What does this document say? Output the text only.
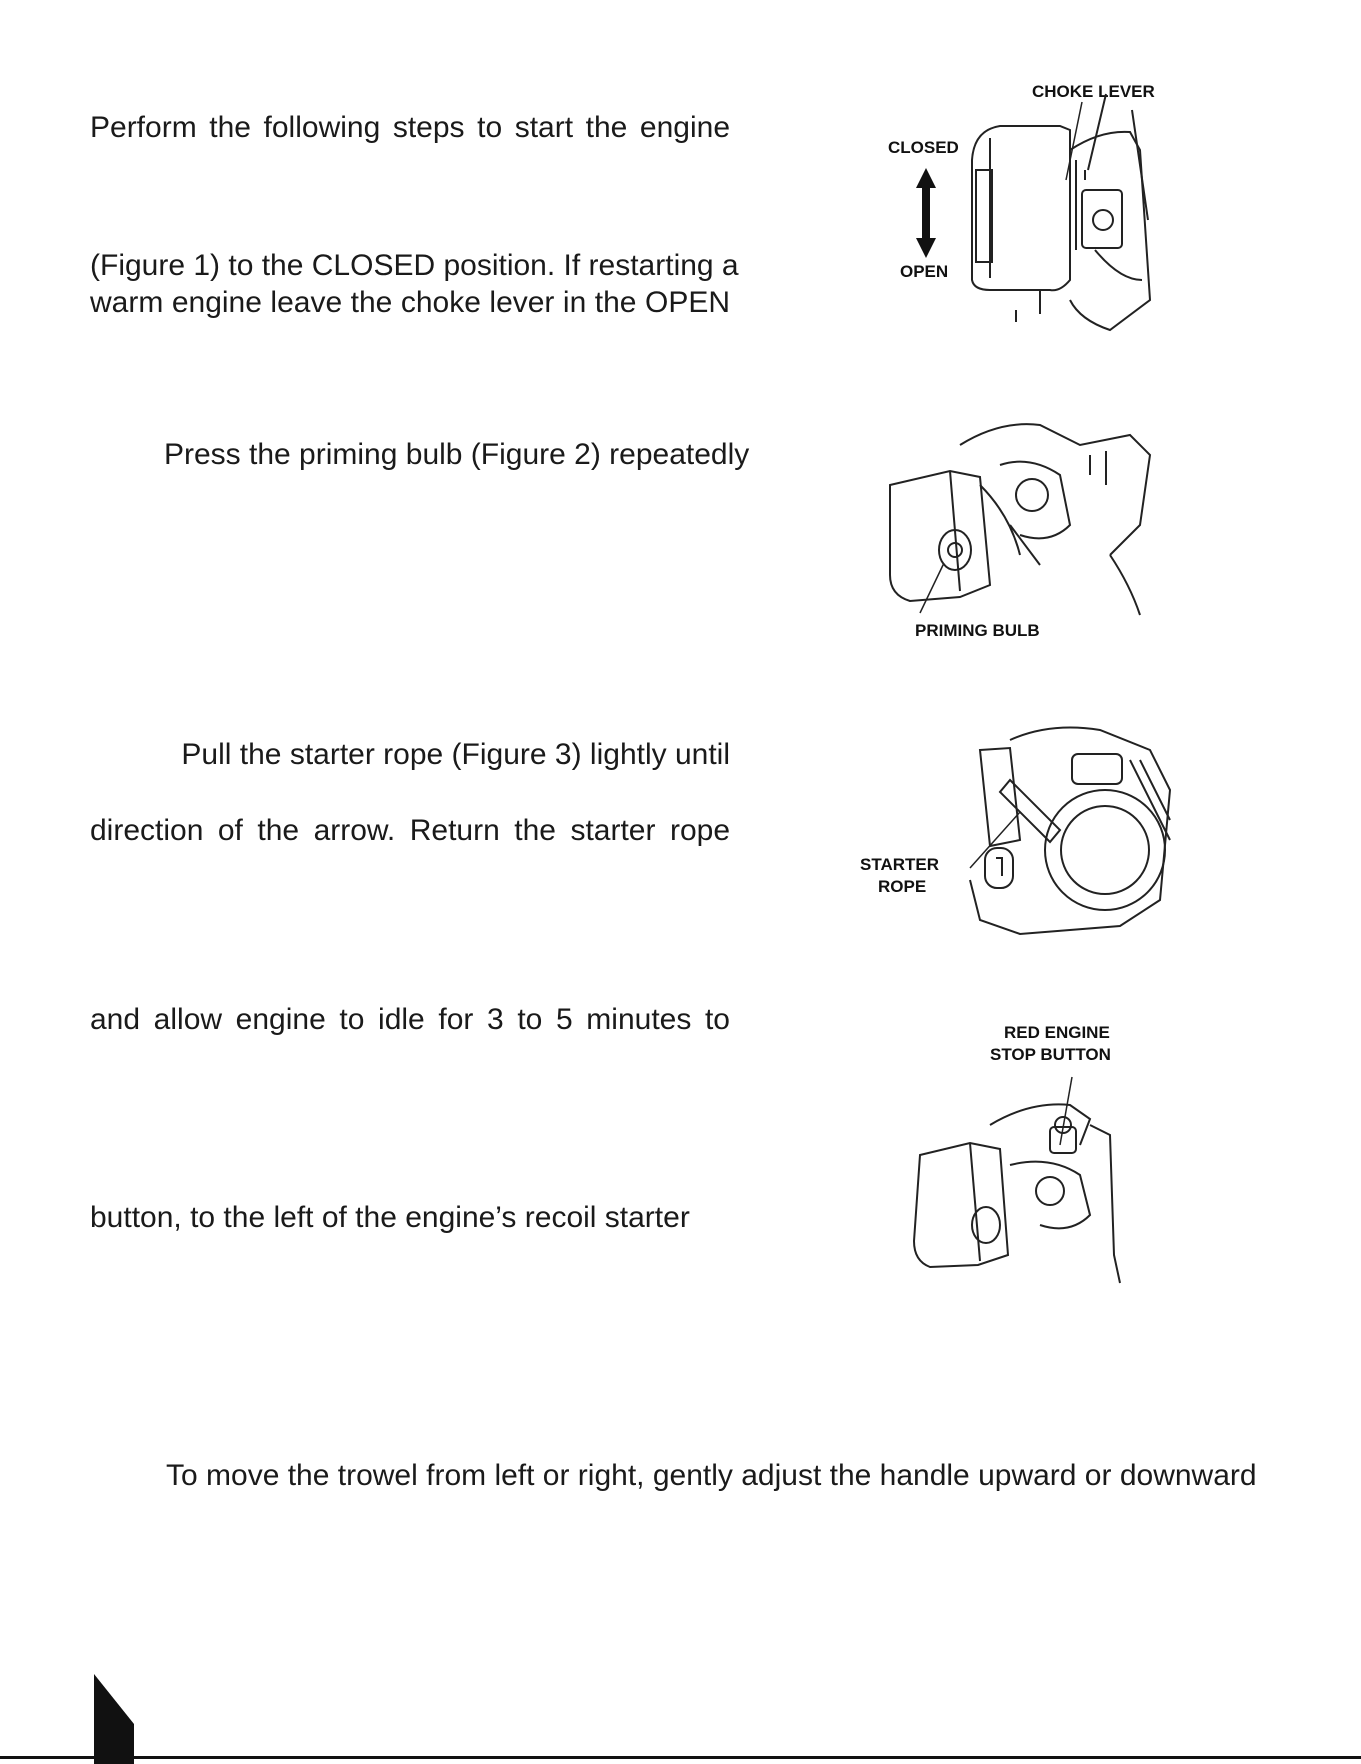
Perform the following steps to start the engine
(Figure 1) to the CLOSED position. If restarting a
warm engine leave the choke lever in the OPEN
Press the priming bulb (Figure 2) repeatedly
Pull the starter rope (Figure 3) lightly until
direction of the arrow. Return the starter rope
and allow engine to idle for 3 to 5 minutes to
button, to the left of the engine’s recoil starter
To move the trowel from left or right, gently adjust the handle upward or downward
CHOKE LEVER
CLOSED
OPEN
PRIMING BULB
STARTER
ROPE
RED ENGINE
STOP BUTTON
